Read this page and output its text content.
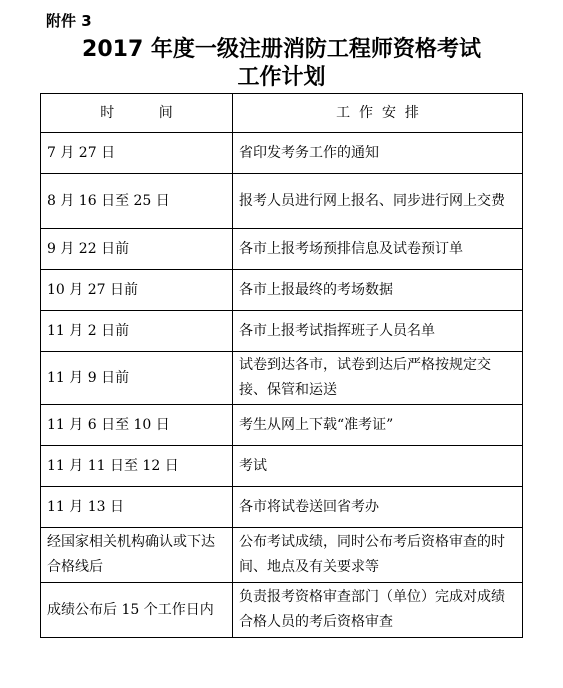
附件 3
2017 年度一级注册消防工程师资格考试
工作计划
时          间	工  作  安  排
7 月 27 日	省印发考务工作的通知
8 月 16 日至 25 日	报考人员进行网上报名、同步进行网上交费
9 月 22 日前	各市上报考场预排信息及试卷预订单
10 月 27 日前	各市上报最终的考场数据
11 月 2 日前	各市上报考试指挥班子人员名单
11 月 9 日前	试卷到达各市，试卷到达后严格按规定交接、保管和运送
11 月 6 日至 10 日	考生从网上下载“准考证”
11 月 11 日至 12 日	考试
11 月 13 日	各市将试卷送回省考办
经国家相关机构确认或下达合格线后	公布考试成绩，同时公布考后资格审查的时间、地点及有关要求等
成绩公布后 15 个工作日内	负责报考资格审查部门（单位）完成对成绩合格人员的考后资格审查
